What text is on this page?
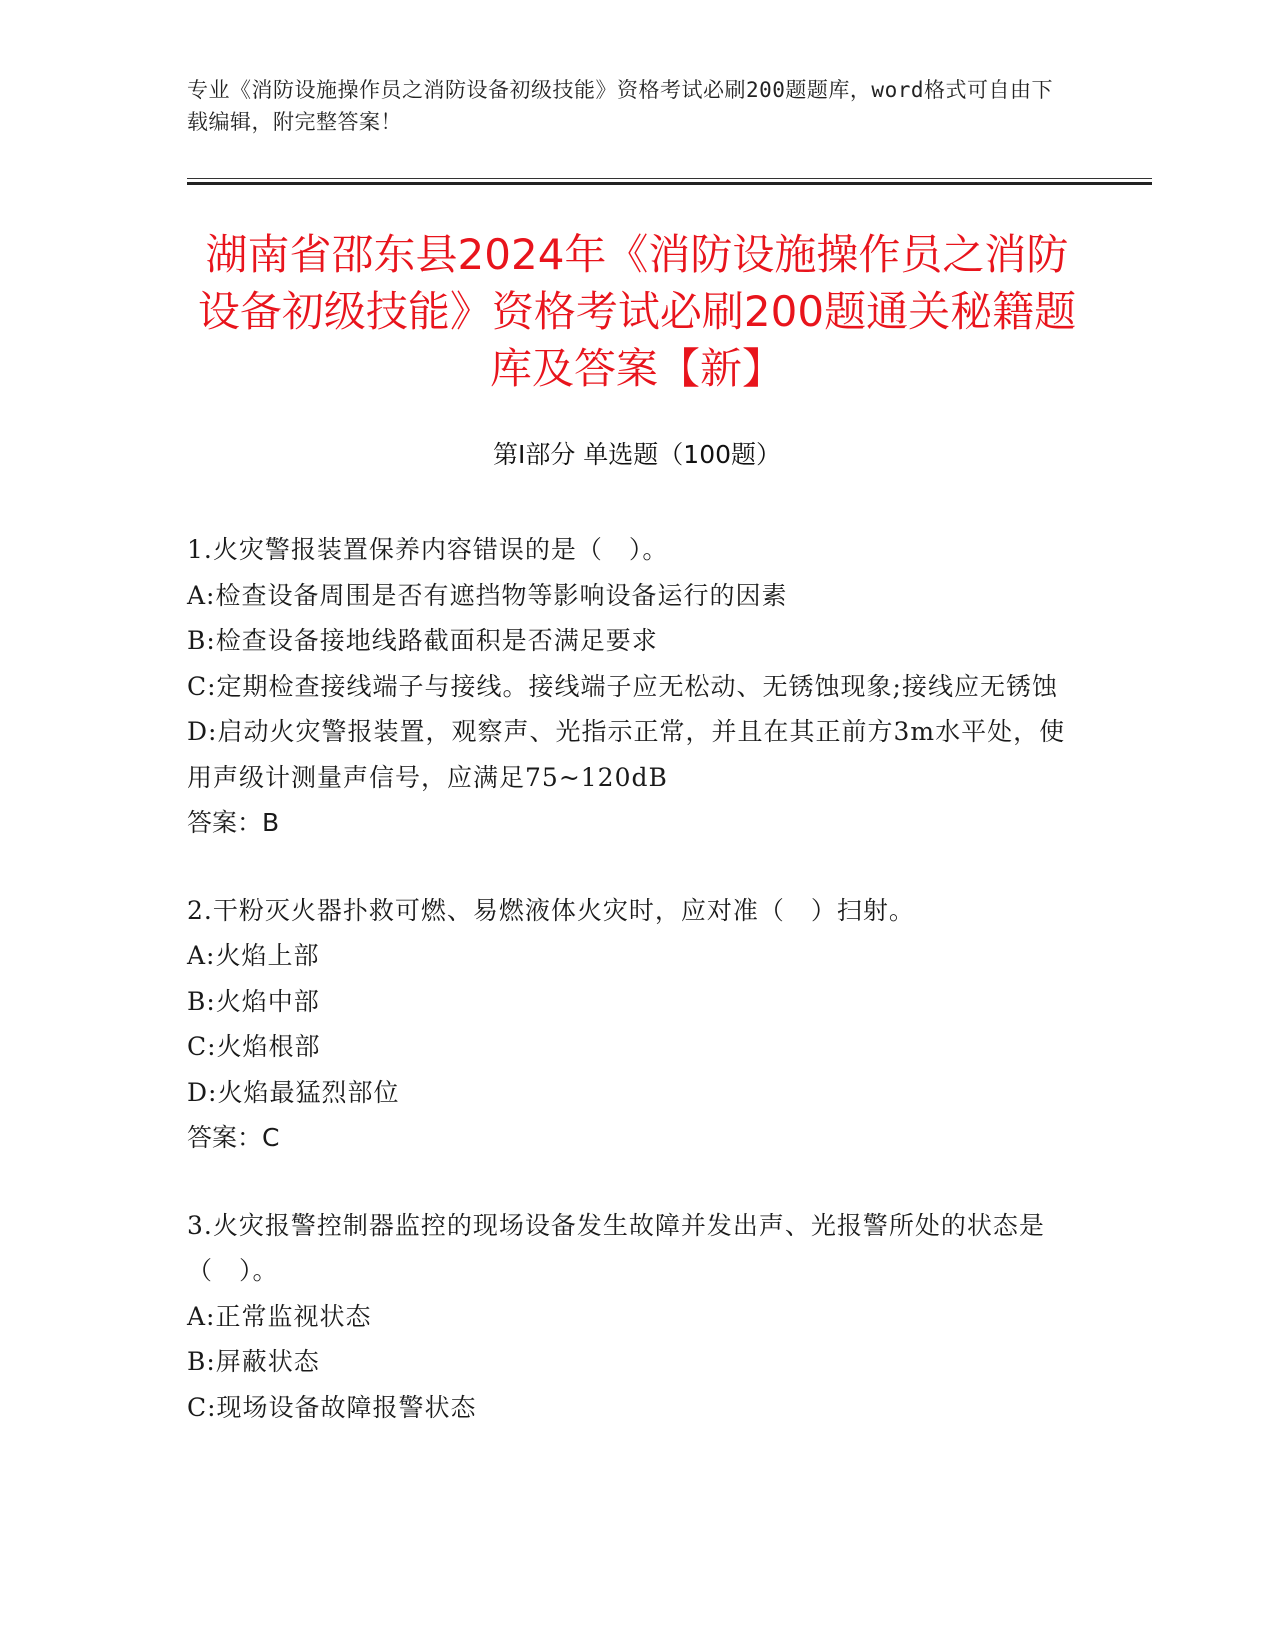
专业《消防设施操作员之消防设备初级技能》资格考试必刷200题题库，word格式可自由下载编辑，附完整答案！
湖南省邵东县2024年《消防设施操作员之消防设备初级技能》资格考试必刷200题通关秘籍题库及答案【新】
第I部分 单选题（100题）

1.火灾警报装置保养内容错误的是（　）。

A:检查设备周围是否有遮挡物等影响设备运行的因素

B:检查设备接地线路截面积是否满足要求

C:定期检查接线端子与接线。接线端子应无松动、无锈蚀现象;接线应无锈蚀

D:启动火灾警报装置，观察声、光指示正常，并且在其正前方3m水平处，使用声级计测量声信号，应满足75~120dB

答案：B

2.干粉灭火器扑救可燃、易燃液体火灾时，应对准（　）扫射。

A:火焰上部

B:火焰中部

C:火焰根部

D:火焰最猛烈部位

答案：C

3.火灾报警控制器监控的现场设备发生故障并发出声、光报警所处的状态是（　）。

A:正常监视状态

B:屏蔽状态

C:现场设备故障报警状态
